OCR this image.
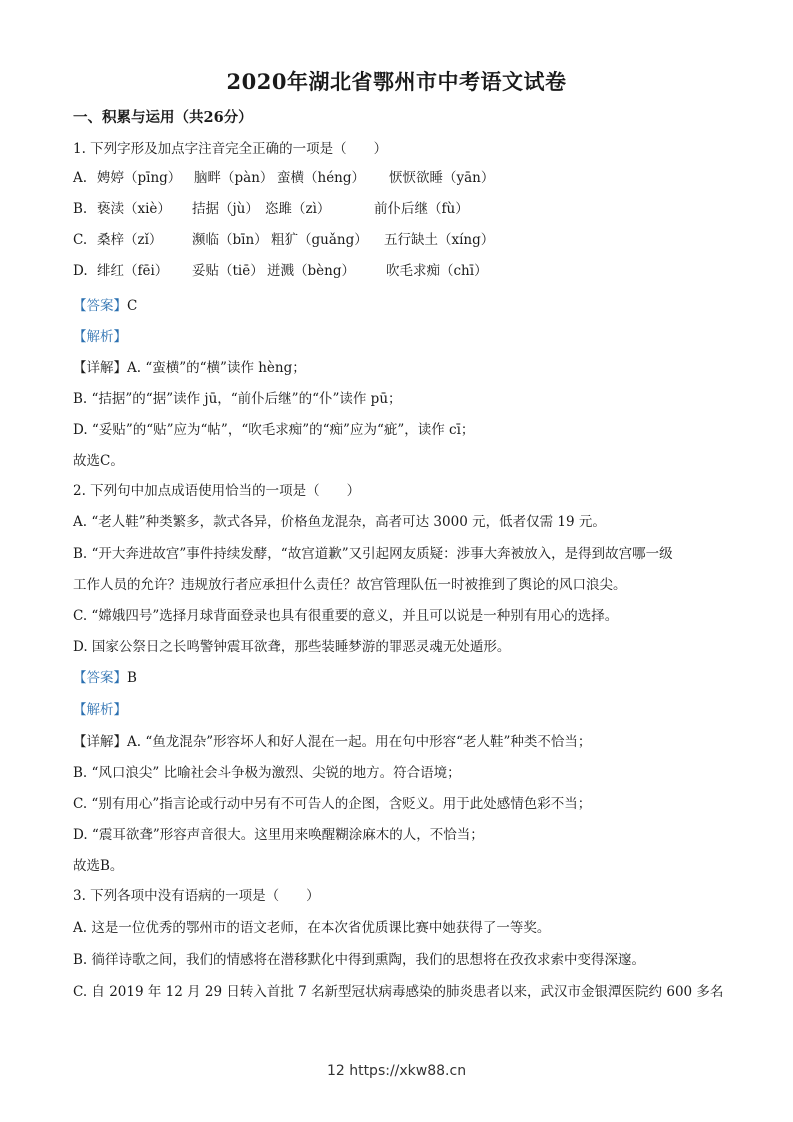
2020年湖北省鄂州市中考语文试卷
一、积累与运用（共26分）
1. 下列字形及加点字注音完全正确的一项是（　　）
A. 娉婷（pīng） 脑畔（pàn） 蛮横（héng） 恹恹欲睡（yān）
B. 亵渎（xiè） 拮据（jù） 恣雎（zì）	前仆后继（fù）
C. 桑梓（zǐ） 濒临（bīn） 粗犷（guǎng） 五行缺土（xíng）
D. 绯红（fēi） 妥贴（tiē） 迸溅（bèng） 吹毛求痴（chī）
【答案】C
【解析】
【详解】A. “蛮横”的“横”读作 hèng；
B. “拮据”的“据”读作 jū，“前仆后继”的“仆”读作 pū；
D. “妥贴”的“贴”应为“帖”，“吹毛求痴”的“痴”应为“疵”，读作 cī；
故选C。
2. 下列句中加点成语使用恰当的一项是（　　）
A. “老人鞋”种类繁多，款式各异，价格鱼龙混杂，高者可达 3000 元，低者仅需 19 元。
B. “开大奔进故宫”事件持续发酵，“故宫道歉”又引起网友质疑：涉事大奔被放入，是得到故宫哪一级
工作人员的允许？违规放行者应承担什么责任？故宫管理队伍一时被推到了舆论的风口浪尖。
C. “嫦娥四号”选择月球背面登录也具有很重要的意义，并且可以说是一种别有用心的选择。
D. 国家公祭日之长鸣警钟震耳欲聋，那些装睡梦游的罪恶灵魂无处遁形。
【答案】B
【解析】
【详解】A. “鱼龙混杂”形容坏人和好人混在一起。用在句中形容“老人鞋”种类不恰当；
B. “风口浪尖” 比喻社会斗争极为激烈、尖锐的地方。符合语境；
C. “别有用心”指言论或行动中另有不可告人的企图，含贬义。用于此处感情色彩不当；
D. “震耳欲聋”形容声音很大。这里用来唤醒糊涂麻木的人，不恰当；
故选B。
3. 下列各项中没有语病的一项是（　　）
A. 这是一位优秀的鄂州市的语文老师，在本次省优质课比赛中她获得了一等奖。
B. 徜徉诗歌之间，我们的情感将在潜移默化中得到熏陶，我们的思想将在孜孜求索中变得深邃。
C. 自 2019 年 12 月 29 日转入首批 7 名新型冠状病毒感染的肺炎患者以来，武汉市金银潭医院约 600 多名
12 https://xkw88.cn
